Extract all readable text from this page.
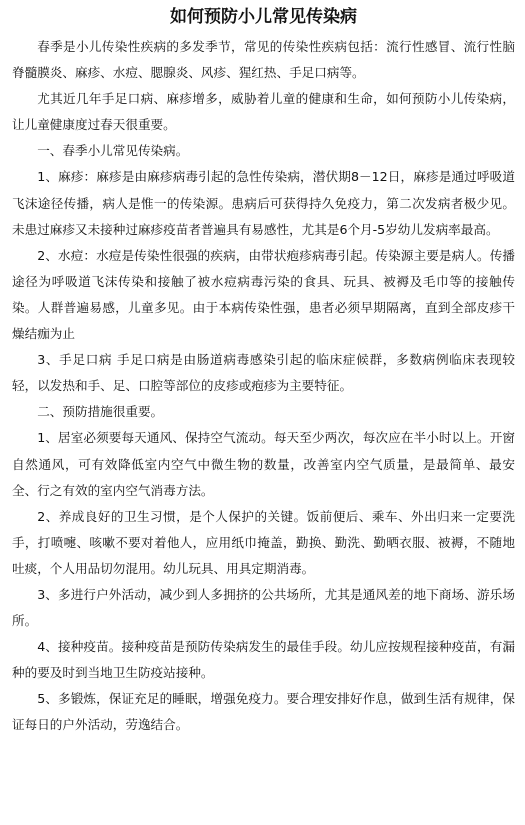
如何预防小儿常见传染病

春季是小儿传染性疾病的多发季节，常见的传染性疾病包括：流行性感冒、流行性脑脊髓膜炎、麻疹、水痘、腮腺炎、风疹、猩红热、手足口病等。

尤其近几年手足口病、麻疹增多，威胁着儿童的健康和生命，如何预防小儿传染病，让儿童健康度过春天很重要。

一、春季小儿常见传染病。

1、麻疹：麻疹是由麻疹病毒引起的急性传染病，潜伏期8－12日，麻疹是通过呼吸道飞沫途径传播，病人是惟一的传染源。患病后可获得持久免疫力，第二次发病者极少见。未患过麻疹又未接种过麻疹疫苗者普遍具有易感性，尤其是6个月-5岁幼儿发病率最高。

2、水痘：水痘是传染性很强的疾病，由带状疱疹病毒引起。传染源主要是病人。传播途径为呼吸道飞沫传染和接触了被水痘病毒污染的食具、玩具、被褥及毛巾等的接触传染。人群普遍易感，儿童多见。由于本病传染性强，患者必须早期隔离，直到全部皮疹干燥结痂为止

3、手足口病 手足口病是由肠道病毒感染引起的临床症候群，多数病例临床表现较轻，以发热和手、足、口腔等部位的皮疹或疱疹为主要特征。

二、预防措施很重要。

1、居室必须要每天通风、保持空气流动。每天至少两次，每次应在半小时以上。开窗自然通风，可有效降低室内空气中微生物的数量，改善室内空气质量，是最简单、最安全、行之有效的室内空气消毒方法。

2、养成良好的卫生习惯，是个人保护的关键。饭前便后、乘车、外出归来一定要洗手，打喷嚏、咳嗽不要对着他人，应用纸巾掩盖，勤换、勤洗、勤晒衣服、被褥，不随地吐痰，个人用品切勿混用。幼儿玩具、用具定期消毒。

3、多进行户外活动，减少到人多拥挤的公共场所，尤其是通风差的地下商场、游乐场所。

4、接种疫苗。接种疫苗是预防传染病发生的最佳手段。幼儿应按规程接种疫苗，有漏种的要及时到当地卫生防疫站接种。

5、多锻炼，保证充足的睡眠，增强免疫力。要合理安排好作息，做到生活有规律，保证每日的户外活动，劳逸结合。
